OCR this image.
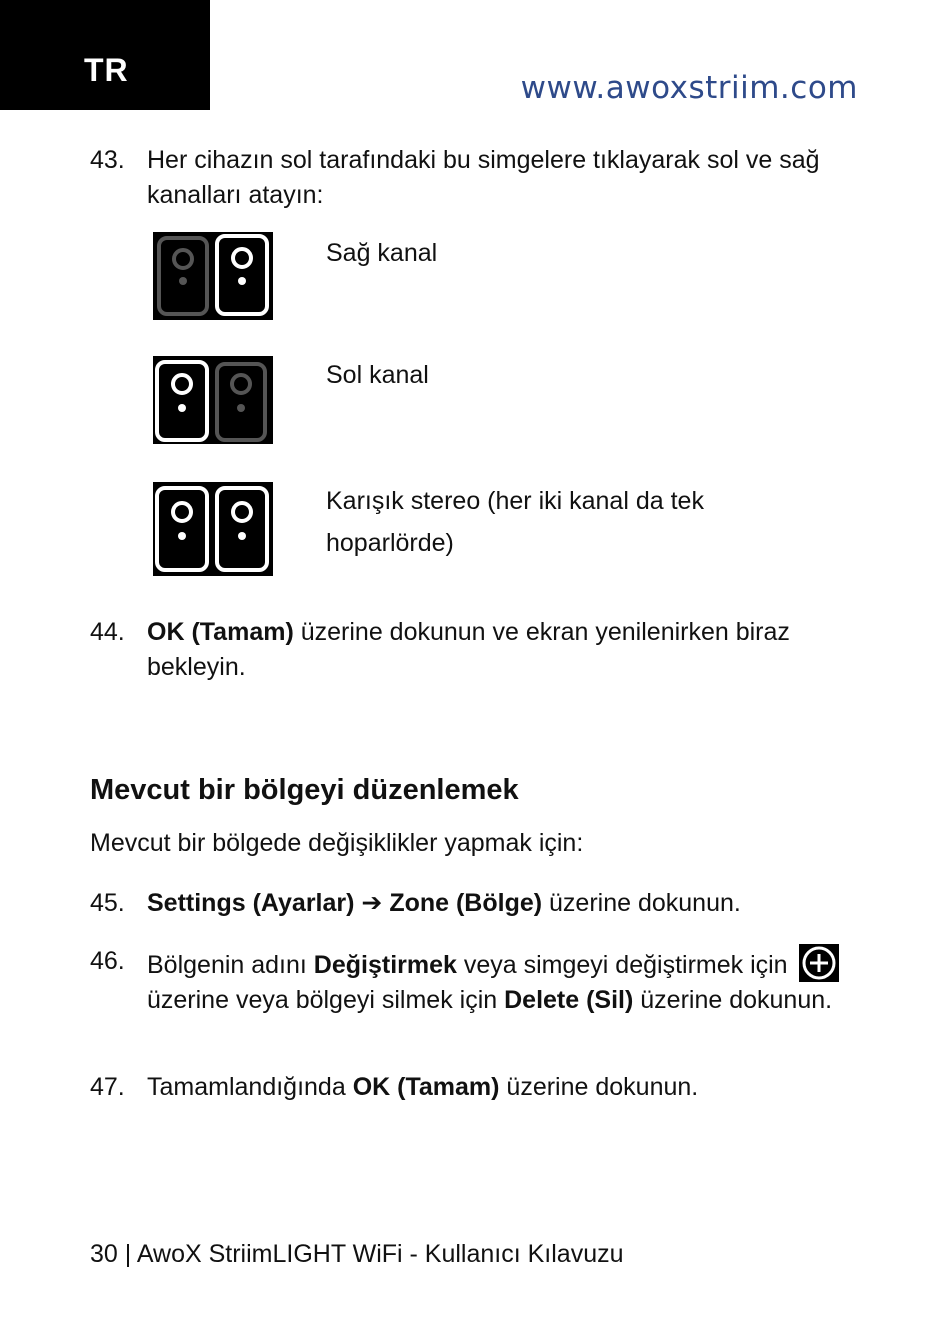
TR	www.awoxstriim.com
43. Her cihazın sol tarafındaki bu simgelere tıklayarak sol ve sağ kanalları atayın:
Sağ kanal
Sol kanal
Karışık stereo (her iki kanal da tek hoparlörde)
44. OK (Tamam) üzerine dokunun ve ekran yenilenirken biraz bekleyin.
Mevcut bir bölgeyi düzenlemek
Mevcut bir bölgede değişiklikler yapmak için:
45. Settings (Ayarlar) ➔ Zone (Bölge) üzerine dokunun.
46. Bölgenin adını Değiştirmek veya simgeyi değiştirmek için  üzerine veya bölgeyi silmek için Delete (Sil) üzerine dokunun.
47. Tamamlandığında OK (Tamam) üzerine dokunun.
30 | AwoX StriimLIGHT WiFi - Kullanıcı Kılavuzu
